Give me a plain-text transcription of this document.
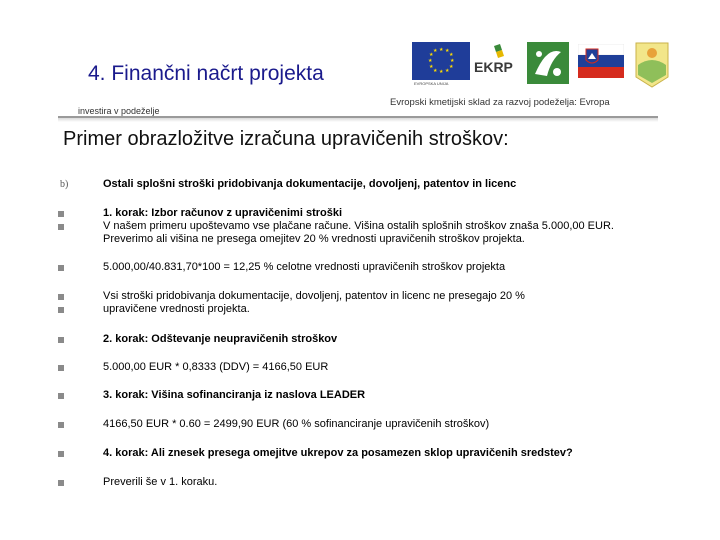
4. Finančni načrt projekta
★ ★
★
★
★
★
★
★
★
★
★
★
EVROPSKA UNIJA
EKRP
Evropski kmetijski sklad za razvoj podeželja: Evropa
investira v podeželje
Primer obrazložitve izračuna upravičenih stroškov:
b)	Ostali splošni stroški pridobivanja dokumentacije, dovoljenj, patentov in licenc
1. korak: Izbor računov z upravičenimi stroški
V našem primeru upoštevamo vse plačane račune. Višina ostalih splošnih stroškov znaša 5.000,00 EUR.
Preverimo ali višina ne presega omejitev 20 % vrednosti upravičenih stroškov projekta.
5.000,00/40.831,70*100 = 12,25 % celotne vrednosti upravičenih stroškov projekta
Vsi stroški pridobivanja dokumentacije, dovoljenj, patentov in licenc ne presegajo 20 %
upravičene vrednosti projekta.
2. korak: Odštevanje neupravičenih stroškov
5.000,00 EUR * 0,8333 (DDV) = 4166,50 EUR
3. korak: Višina sofinanciranja iz naslova LEADER
4166,50 EUR * 0.60 = 2499,90 EUR (60 % sofinanciranje upravičenih stroškov)
4. korak: Ali znesek presega omejitve ukrepov za posamezen sklop upravičenih sredstev?
Preverili še v 1. koraku.
